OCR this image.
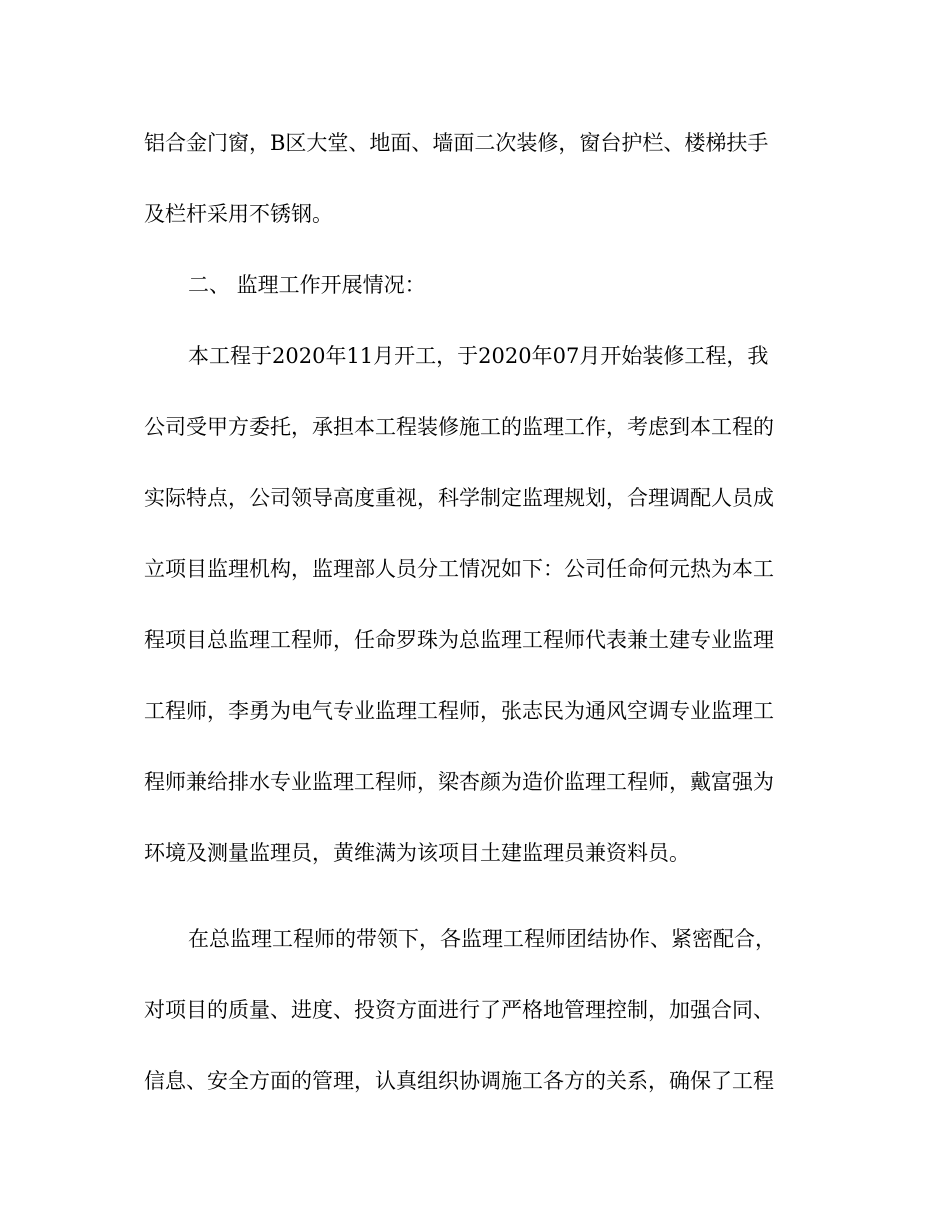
铝合金门窗，B区大堂、地面、墙面二次装修，窗台护栏、楼梯扶手
及栏杆采用不锈钢。
二、 监理工作开展情况：
本工程于2020年11月开工，于2020年07月开始装修工程，我
公司受甲方委托，承担本工程装修施工的监理工作，考虑到本工程的
实际特点，公司领导高度重视，科学制定监理规划，合理调配人员成
立项目监理机构，监理部人员分工情况如下：公司任命何元热为本工
程项目总监理工程师，任命罗珠为总监理工程师代表兼土建专业监理
工程师，李勇为电气专业监理工程师，张志民为通风空调专业监理工
程师兼给排水专业监理工程师，梁杏颜为造价监理工程师，戴富强为
环境及测量监理员，黄维满为该项目土建监理员兼资料员。
在总监理工程师的带领下，各监理工程师团结协作、紧密配合，
对项目的质量、进度、投资方面进行了严格地管理控制，加强合同、
信息、安全方面的管理，认真组织协调施工各方的关系，确保了工程
